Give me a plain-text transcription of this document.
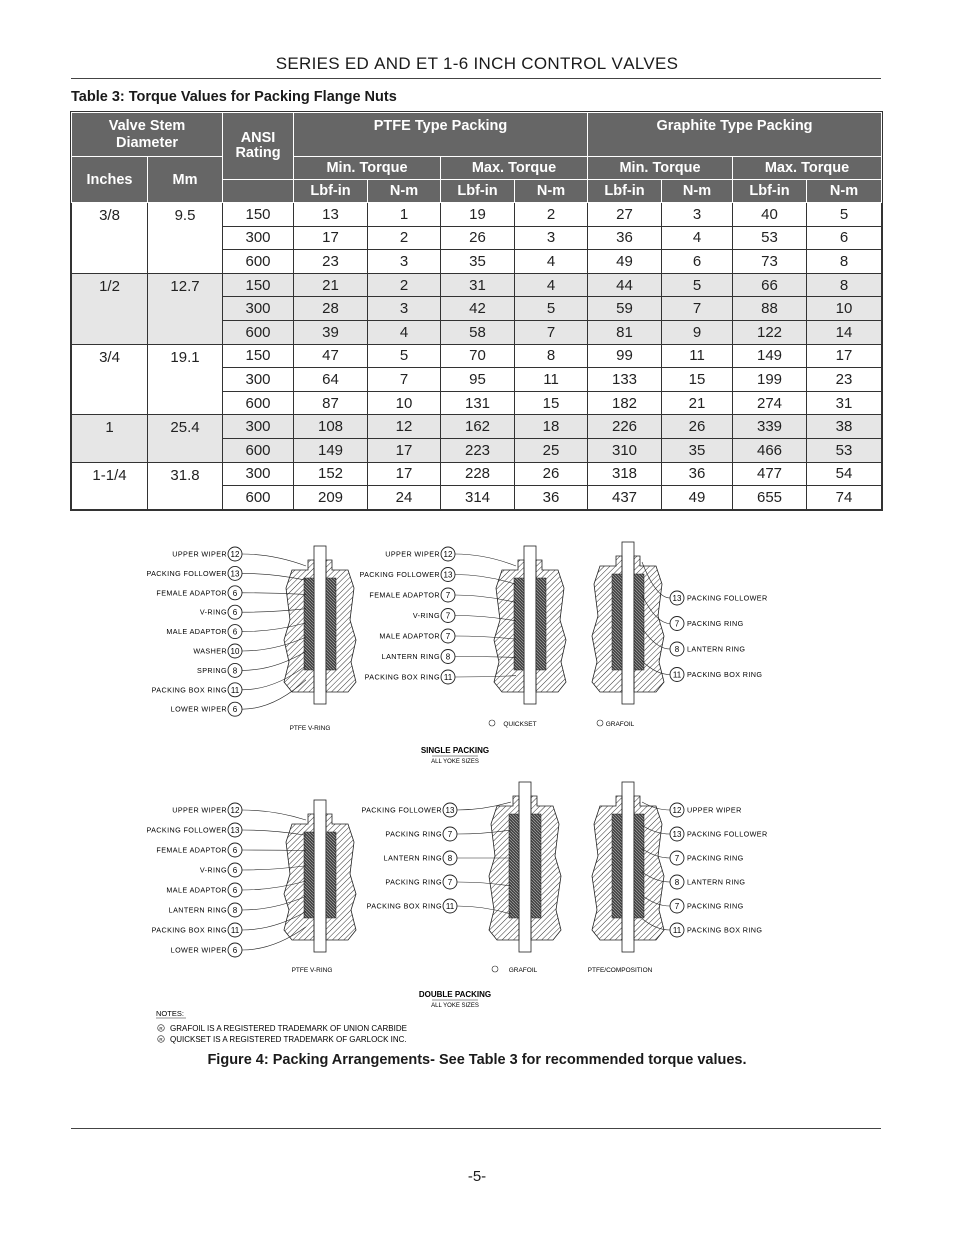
SERIES ED AND ET 1-6 INCH CONTROL VALVES
Table 3: Torque Values for Packing Flange Nuts
Valve Stem Diameter		ANSI Rating	PTFE Type Packing				Graphite Type Packing			
Inches	Mm		Min. Torque		Max. Torque		Min. Torque		Max. Torque	
			Lbf-in	N-m	Lbf-in	N-m	Lbf-in	N-m	Lbf-in	N-m
3/8	9.5	150	13	1	19	2	27	3	40	5
		300	17	2	26	3	36	4	53	6
		600	23	3	35	4	49	6	73	8
1/2	12.7	150	21	2	31	4	44	5	66	8
		300	28	3	42	5	59	7	88	10
		600	39	4	58	7	81	9	122	14
3/4	19.1	150	47	5	70	8	99	11	149	17
		300	64	7	95	11	133	15	199	23
		600	87	10	131	15	182	21	274	31
1	25.4	300	108	12	162	18	226	26	339	38
		600	149	17	223	25	310	35	466	53
1-1/4	31.8	300	152	17	228	26	318	36	477	54
		600	209	24	314	36	437	49	655	74
UPPER WIPER 12
PACKING FOLLOWER 13
FEMALE ADAPTOR 6
V-RING 6
MALE ADAPTOR 6
WASHER 10
SPRING 8
PACKING BOX RING 11
LOWER WIPER 6
PTFE V-RING
UPPER WIPER 12
PACKING FOLLOWER 13
FEMALE ADAPTOR 7
V-RING 7
MALE ADAPTOR 7
LANTERN RING 8
PACKING BOX RING 11
QUICKSET
PACKING FOLLOWER
13
PACKING RING
7
LANTERN RING
8
PACKING BOX RING
11
GRAFOIL
UPPER WIPER 12
PACKING FOLLOWER 13
FEMALE ADAPTOR 6
V-RING 6
MALE ADAPTOR 6
LANTERN RING 8
PACKING BOX RING 11
LOWER WIPER 6
PTFE V-RING
PACKING FOLLOWER 13
PACKING RING 7
LANTERN RING 8
PACKING RING 7
PACKING BOX RING 11
GRAFOIL
UPPER WIPER
12
PACKING FOLLOWER
13
PACKING RING
7
LANTERN RING
8
PACKING RING
7
PACKING BOX RING
11
PTFE/COMPOSITION
SINGLE PACKING
ALL YOKE SIZES
DOUBLE PACKING
ALL YOKE SIZES
NOTES:
R GRAFOIL IS A REGISTERED TRADEMARK OF UNION CARBIDE
R QUICKSET IS A REGISTERED TRADEMARK OF GARLOCK INC.
Figure 4: Packing Arrangements- See Table 3 for recommended torque values.
-5-
